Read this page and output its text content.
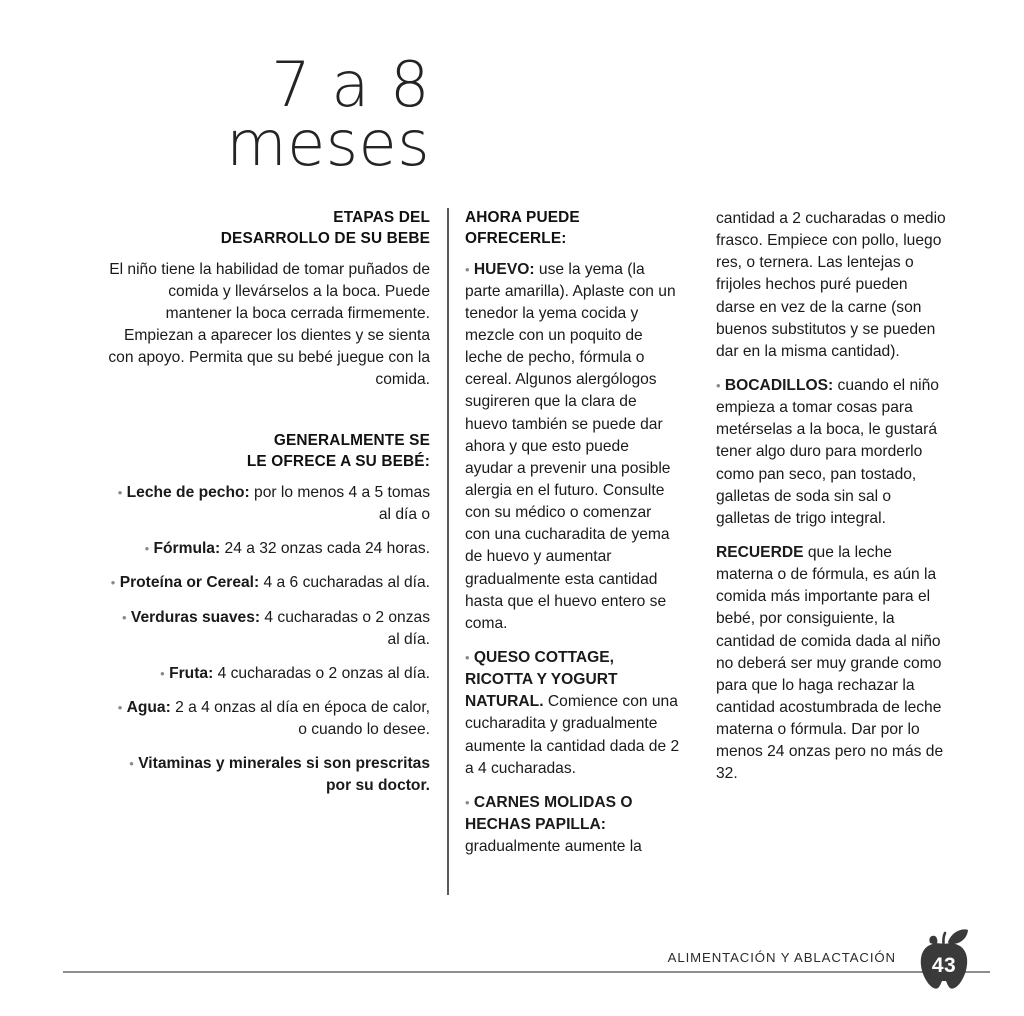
7 a 8
meses
ETAPAS DEL
DESARROLLO DE SU BEBE

El niño tiene la habilidad de tomar puñados de comida y llevárselos a la boca. Puede mantener la boca cerrada firmemente. Empiezan a aparecer los dientes y se sienta con apoyo. Permita que su bebé juegue con la comida.

GENERALMENTE SE
LE OFRECE A SU BEBÉ:
• Leche de pecho: por lo menos 4 a 5 tomas al día o
• Fórmula: 24 a 32 onzas cada 24 horas.
• Proteína or Cereal: 4 a 6 cucharadas al día.
• Verduras suaves: 4 cucharadas o 2 onzas al día.
• Fruta: 4 cucharadas o 2 onzas al día.
• Agua: 2 a 4 onzas al día en época de calor, o cuando lo desee.
• Vitaminas y minerales si son prescritas por su doctor.
AHORA PUEDE
OFRECERLE:
• HUEVO: use la yema (la parte amarilla). Aplaste con un tenedor la yema cocida y mezcle con un poquito de leche de pecho, fórmula o cereal. Algunos alergólogos sugireren que la clara de huevo también se puede dar ahora y que esto puede ayudar a prevenir una posible alergia en el futuro. Consulte con su médico o comenzar con una cucharadita de yema de huevo y aumentar gradualmente esta cantidad hasta que el huevo entero se coma.
• QUESO COTTAGE, RICOTTA Y YOGURT NATURAL. Comience con una cucharadita y gradualmente aumente la cantidad dada de 2 a 4 cucharadas.
• CARNES MOLIDAS O HECHAS PAPILLA: gradualmente aumente la

cantidad a 2 cucharadas o medio frasco. Empiece con pollo, luego res, o ternera. Las lentejas o frijoles hechos puré pueden darse en vez de la carne (son buenos substitutos y se pueden dar en la misma cantidad).

• BOCADILLOS: cuando el niño empieza a tomar cosas para metérselas a la boca, le gustará tener algo duro para morderlo como pan seco, pan tostado, galletas de soda sin sal o galletas de trigo integral.

RECUERDE que la leche materna o de fórmula, es aún la comida más importante para el bebé, por consiguiente, la cantidad de comida dada al niño no deberá ser muy grande como para que lo haga rechazar la cantidad acostumbrada de leche materna o fórmula. Dar por lo menos 24 onzas pero no más de 32.

ALIMENTACIÓN Y ABLACTACIÓN	43
